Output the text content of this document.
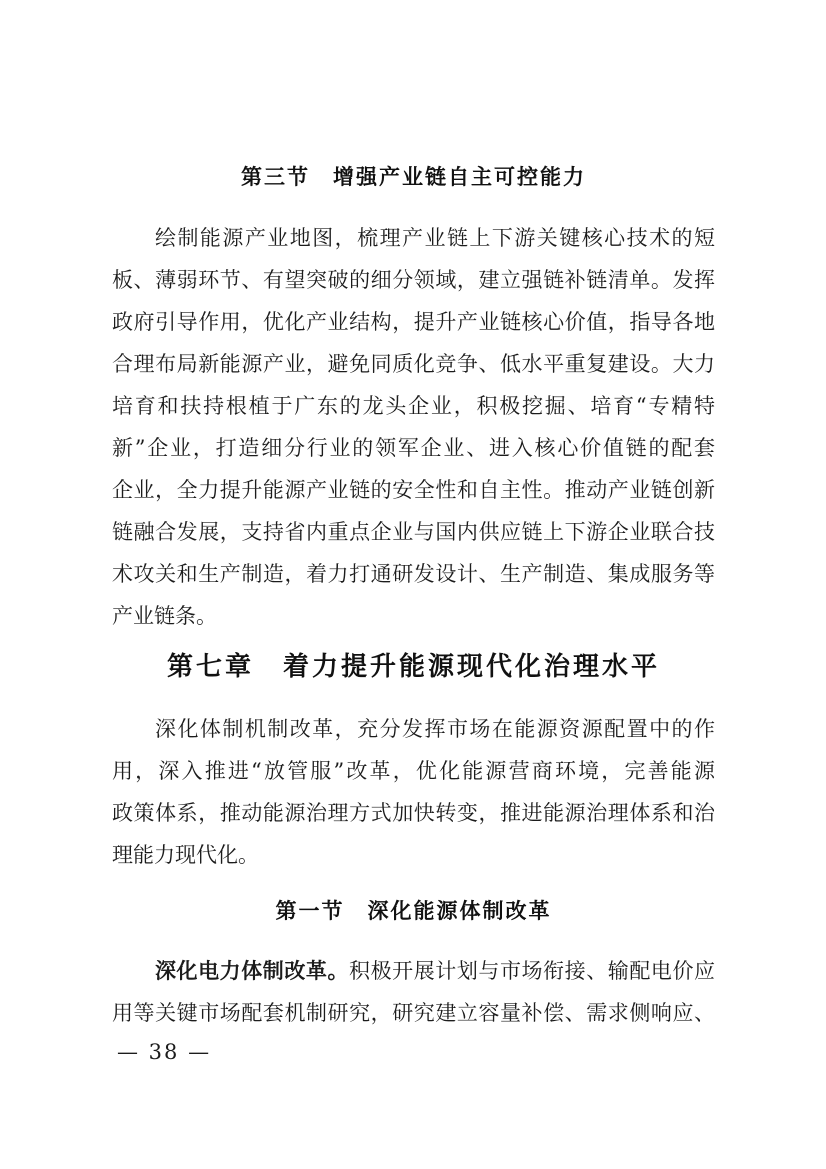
第三节　增强产业链自主可控能力
绘制能源产业地图，梳理产业链上下游关键核心技术的短
板、薄弱环节、有望突破的细分领域，建立强链补链清单。发挥
政府引导作用，优化产业结构，提升产业链核心价值，指导各地
合理布局新能源产业，避免同质化竞争、低水平重复建设。大力
培育和扶持根植于广东的龙头企业，积极挖掘、培育“专精特
新”企业，打造细分行业的领军企业、进入核心价值链的配套
企业，全力提升能源产业链的安全性和自主性。推动产业链创新
链融合发展，支持省内重点企业与国内供应链上下游企业联合技
术攻关和生产制造，着力打通研发设计、生产制造、集成服务等
产业链条。
第七章　着力提升能源现代化治理水平
深化体制机制改革，充分发挥市场在能源资源配置中的作
用，深入推进“放管服”改革，优化能源营商环境，完善能源
政策体系，推动能源治理方式加快转变，推进能源治理体系和治
理能力现代化。
第一节　深化能源体制改革
深化电力体制改革。积极开展计划与市场衔接、输配电价应
用等关键市场配套机制研究，研究建立容量补偿、需求侧响应、
— 38 —
